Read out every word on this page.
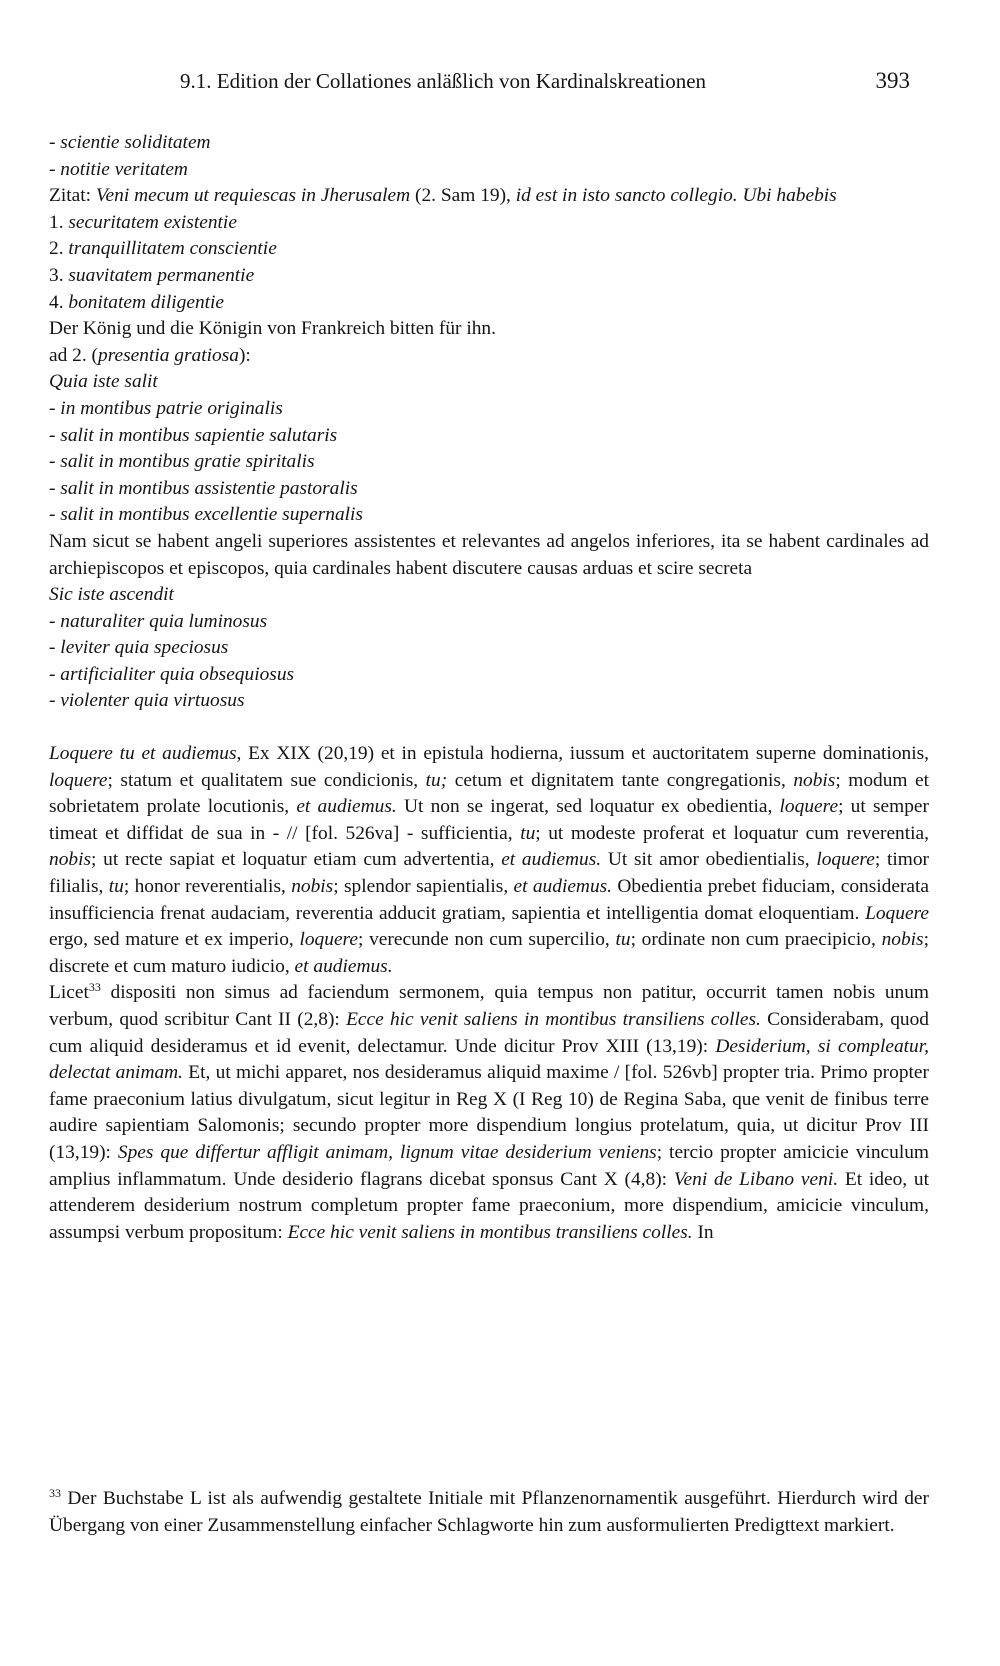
9.1. Edition der Collationes anläßlich von Kardinalskreationen	393
- scientie soliditatem
- notitie veritatem
Zitat: Veni mecum ut requiescas in Jherusalem (2. Sam 19), id est in isto sancto collegio. Ubi habebis
1. securitatem existentie
2. tranquillitatem conscientie
3. suavitatem permanentie
4. bonitatem diligentie
Der König und die Königin von Frankreich bitten für ihn.
ad 2. (presentia gratiosa):
Quia iste salit
- in montibus patrie originalis
- salit in montibus sapientie salutaris
- salit in montibus gratie spiritalis
- salit in montibus assistentie pastoralis
- salit in montibus excellentie supernalis

Nam sicut se habent angeli superiores assistentes et relevantes ad angelos inferiores, ita se habent cardinales ad archiepiscopos et episcopos, quia cardinales habent discutere causas arduas et scire secreta

Sic iste ascendit
- naturaliter quia luminosus
- leviter quia speciosus
- artificialiter quia obsequiosus
- violenter quia virtuosus

Loquere tu et audiemus, Ex XIX (20,19) et in epistula hodierna, iussum et auctoritatem superne dominationis, loquere; statum et qualitatem sue condicionis, tu; cetum et dignitatem tante congregationis, nobis; modum et sobrietatem prolate locutionis, et audiemus. Ut non se ingerat, sed loquatur ex obedientia, loquere; ut semper timeat et diffidat de sua in - // [fol. 526va] - sufficientia, tu; ut modeste proferat et loquatur cum reverentia, nobis; ut recte sapiat et loquatur etiam cum advertentia, et audiemus. Ut sit amor obedientialis, loquere; timor filialis, tu; honor reverentialis, nobis; splendor sapientialis, et audiemus. Obedientia prebet fiduciam, considerata insufficiencia frenat audaciam, reverentia adducit gratiam, sapientia et intelligentia domat eloquentiam. Loquere ergo, sed mature et ex imperio, loquere; verecunde non cum supercilio, tu; ordinate non cum praecipicio, nobis; discrete et cum maturo iudicio, et audiemus.

Licet$^{33}$ dispositi non simus ad faciendum sermonem, quia tempus non patitur, occurrit tamen nobis unum verbum, quod scribitur Cant II (2,8): Ecce hic venit saliens in montibus transiliens colles. Considerabam, quod cum aliquid desideramus et id evenit, delectamur. Unde dicitur Prov XIII (13,19): Desiderium, si compleatur, delectat animam. Et, ut michi apparet, nos desideramus aliquid maxime / [fol. 526vb] propter tria. Primo propter fame praeconium latius divulgatum, sicut legitur in Reg X (I Reg 10) de Regina Saba, que venit de finibus terre audire sapientiam Salomonis; secundo propter more dispendium longius protelatum, quia, ut dicitur Prov III (13,19): Spes que differtur affligit animam, lignum vitae desiderium veniens; tercio propter amicicie vinculum amplius inflammatum. Unde desiderio flagrans dicebat sponsus Cant X (4,8): Veni de Libano veni. Et ideo, ut attenderem desiderium nostrum completum propter fame praeconium, more dispendium, amicicie vinculum, assumpsi verbum propositum: Ecce hic venit saliens in montibus transiliens colles. In

$^{33}$ Der Buchstabe L ist als aufwendig gestaltete Initiale mit Pflanzenornamentik ausgeführt. Hierdurch wird der Übergang von einer Zusammenstellung einfacher Schlagworte hin zum ausformulierten Predigttext markiert.
